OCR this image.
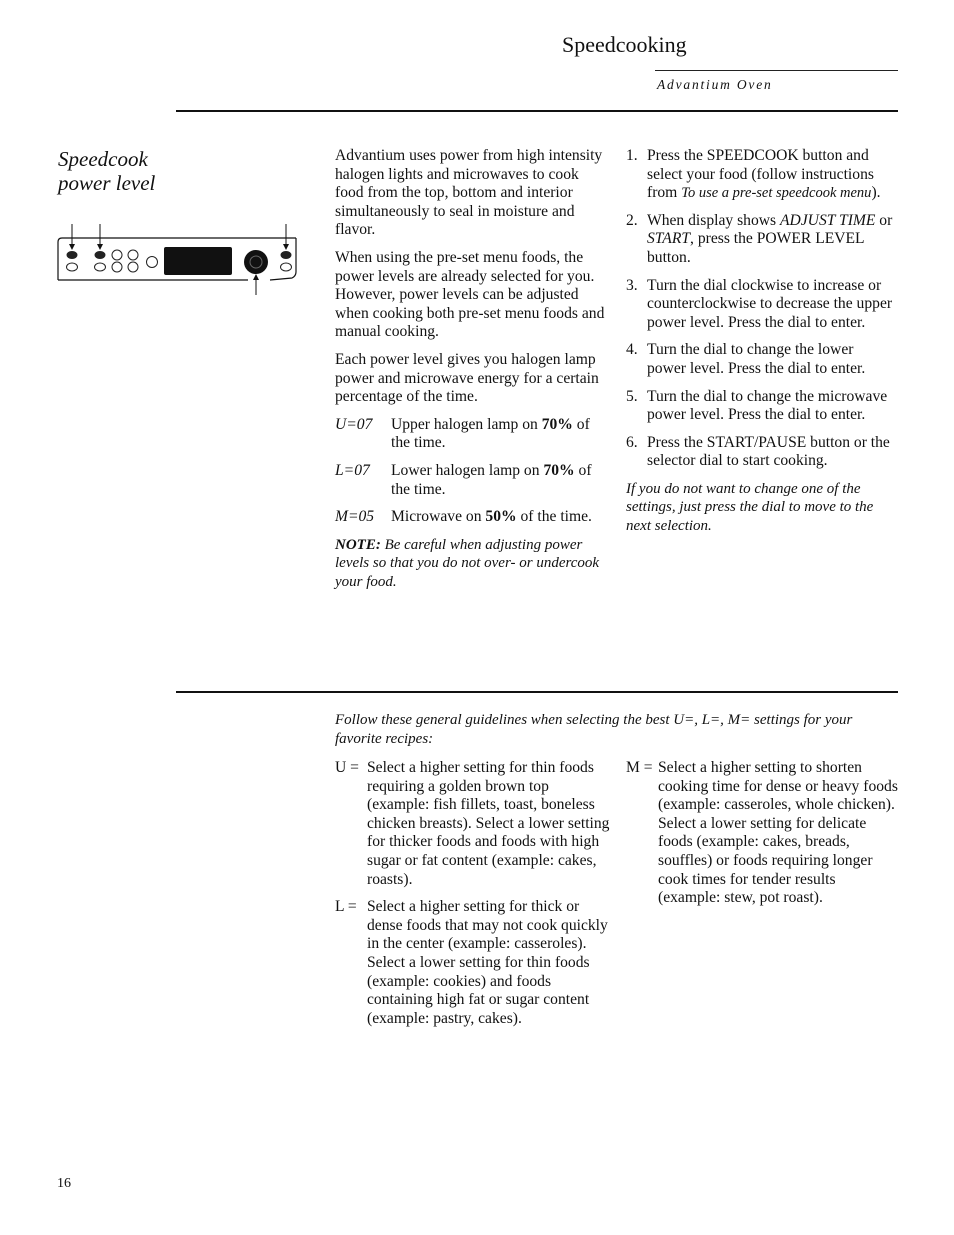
Speedcooking
Advantium Oven
Speedcook
power level

Advantium uses power from high intensity halogen lights and microwaves to cook food from the top, bottom and interior simultaneously to seal in moisture and flavor.

When using the pre-set menu foods, the power levels are already selected for you. However, power levels can be adjusted when cooking both pre-set menu foods and manual cooking.

Each power level gives you halogen lamp power and microwave energy for a certain percentage of the time.

U=07	Upper halogen lamp on 70% of the time.
L=07	Lower halogen lamp on 70% of the time.
M=05	Microwave on 50% of the time.

NOTE: Be careful when adjusting power levels so that you do not over- or undercook your food.

1. Press the SPEEDCOOK button and select your food (follow instructions from To use a pre-set speedcook menu).
2. When display shows ADJUST TIME or START, press the POWER LEVEL button.
3. Turn the dial clockwise to increase or counterclockwise to decrease the upper power level. Press the dial to enter.
4. Turn the dial to change the lower power level. Press the dial to enter.
5. Turn the dial to change the microwave power level. Press the dial to enter.
6. Press the START/PAUSE button or the selector dial to start cooking.

If you do not want to change one of the settings, just press the dial to move to the next selection.

Follow these general guidelines when selecting the best U=, L=, M= settings for your favorite recipes:
U = Select a higher setting for thin foods requiring a golden brown top (example: fish fillets, toast, boneless chicken breasts). Select a lower setting for thicker foods and foods with high sugar or fat content (example: cakes, roasts).
L = Select a higher setting for thick or dense foods that may not cook quickly in the center (example: casseroles). Select a lower setting for thin foods (example: cookies) and foods containing high fat or sugar content (example: pastry, cakes).
M = Select a higher setting to shorten cooking time for dense or heavy foods (example: casseroles, whole chicken). Select a lower setting for delicate foods (example: cakes, breads, souffles) or foods requiring longer cook times for tender results (example: stew, pot roast).
16
